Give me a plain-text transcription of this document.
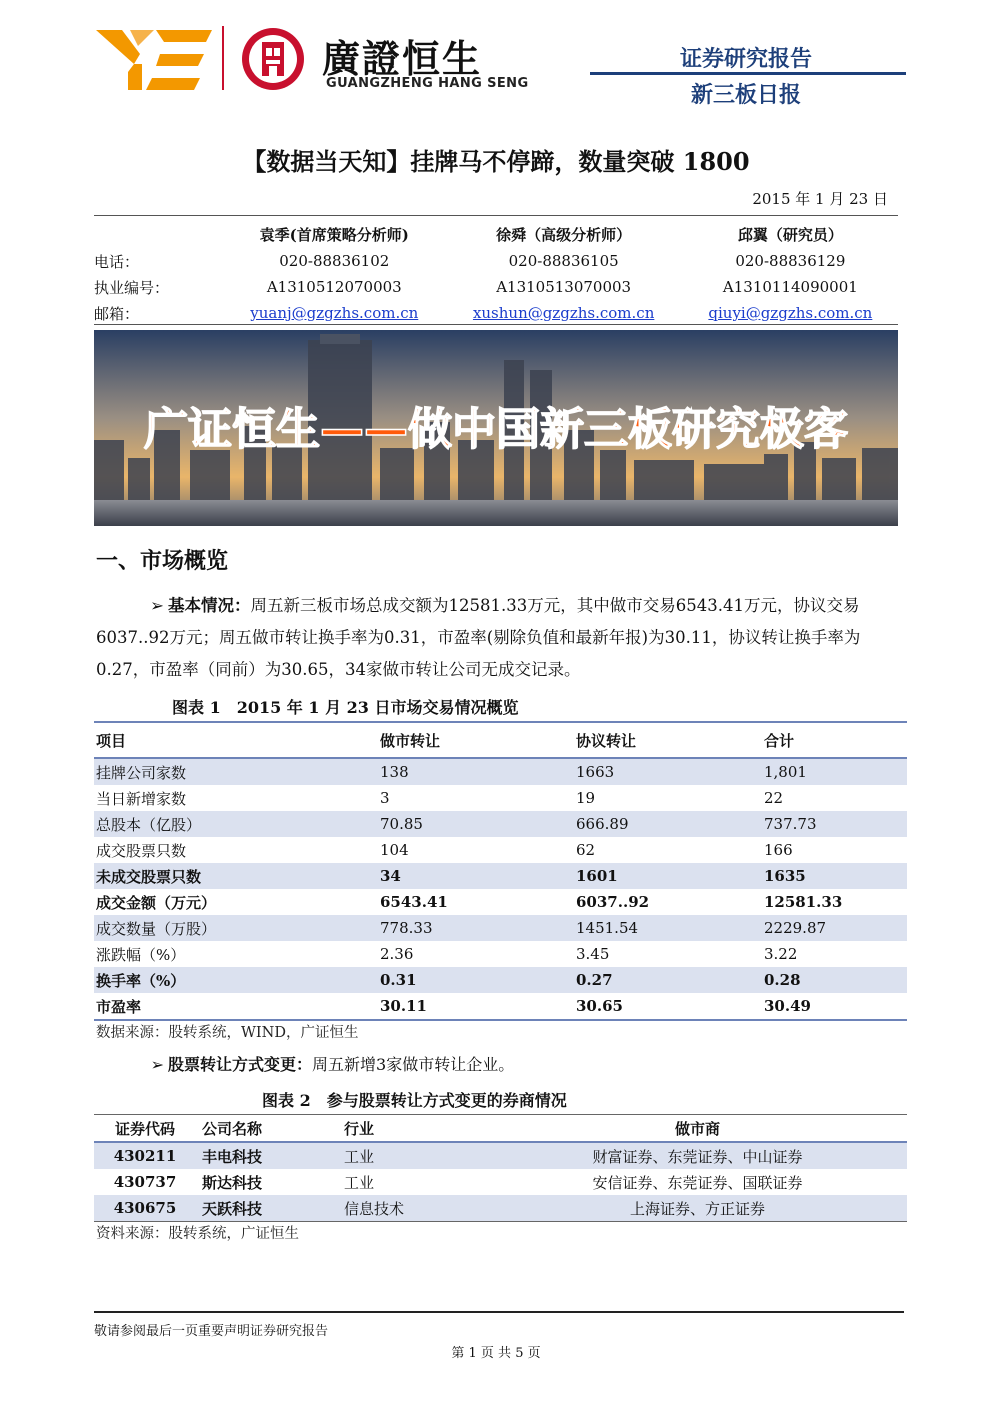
廣證恒生
GUANGZHENG HANG SENG
证券研究报告
新三板日报
【数据当天知】挂牌马不停蹄，数量突破 1800
2015 年 1 月 23 日
	袁季(首席策略分析师)	徐舜（高级分析师）	邱翼（研究员）
电话：	020-88836102	020-88836105	020-88836129
执业编号：	A1310512070003	A1310513070003	A1310114090001
邮箱：	yuanj@gzgzhs.com.cn	xushun@gzgzhs.com.cn	qiuyi@gzgzhs.com.cn
广证恒生——做中国新三板研究极客
一、市场概览
➢ 基本情况：周五新三板市场总成交额为12581.33万元，其中做市交易6543.41万元，协议交易6037..92万元；周五做市转让换手率为0.31，市盈率(剔除负值和最新年报)为30.11，协议转让换手率为0.27，市盈率（同前）为30.65，34家做市转让公司无成交记录。
图表 1　2015 年 1 月 23 日市场交易情况概览
项目	做市转让	协议转让	合计
挂牌公司家数	138	1663	1,801
当日新增家数	3	19	22
总股本（亿股）	70.85	666.89	737.73
成交股票只数	104	62	166
未成交股票只数	34	1601	1635
成交金额（万元）	6543.41	6037..92	12581.33
成交数量（万股）	778.33	1451.54	2229.87
涨跌幅（%）	2.36	3.45	3.22
换手率（%）	0.31	0.27	0.28
市盈率	30.11	30.65	30.49
数据来源：股转系统，WIND，广证恒生
➢ 股票转让方式变更：周五新增3家做市转让企业。
图表 2　参与股票转让方式变更的券商情况
证券代码	公司名称	行业	做市商
430211	丰电科技	工业	财富证券、东莞证券、中山证券
430737	斯达科技	工业	安信证券、东莞证券、国联证券
430675	天跃科技	信息技术	上海证券、方正证券
资料来源：股转系统，广证恒生
敬请参阅最后一页重要声明证券研究报告
第 1 页 共 5 页
